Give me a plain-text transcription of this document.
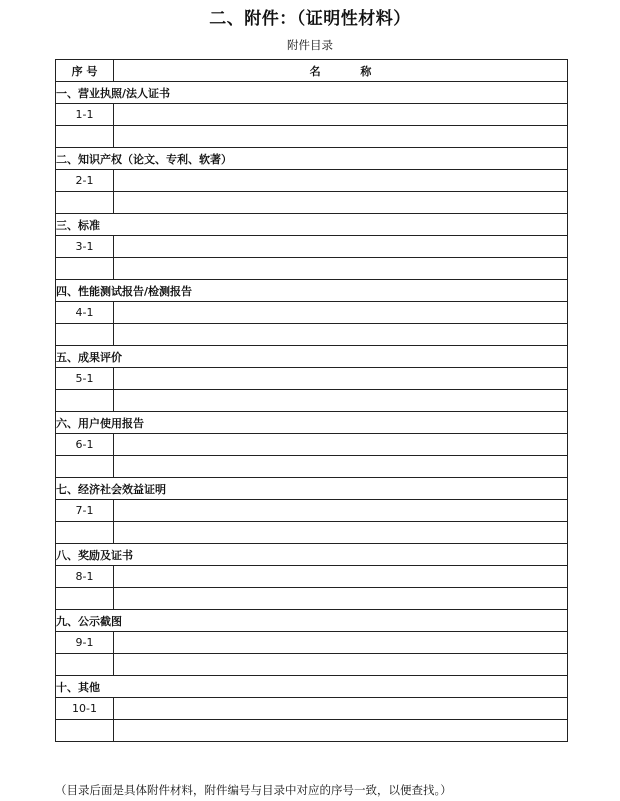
二、附件：（证明性材料）
附件目录
序 号	名 称
一、营业执照/法人证书	
1-1	

二、知识产权（论文、专利、软著）	
2-1	

三、标准	
3-1	

四、性能测试报告/检测报告	
4-1	

五、成果评价	
5-1	

六、用户使用报告	
6-1	

七、经济社会效益证明	
7-1	

八、奖励及证书	
8-1	

九、公示截图	
9-1	

十、其他	
10-1	

（目录后面是具体附件材料，附件编号与目录中对应的序号一致，以便查找。）
